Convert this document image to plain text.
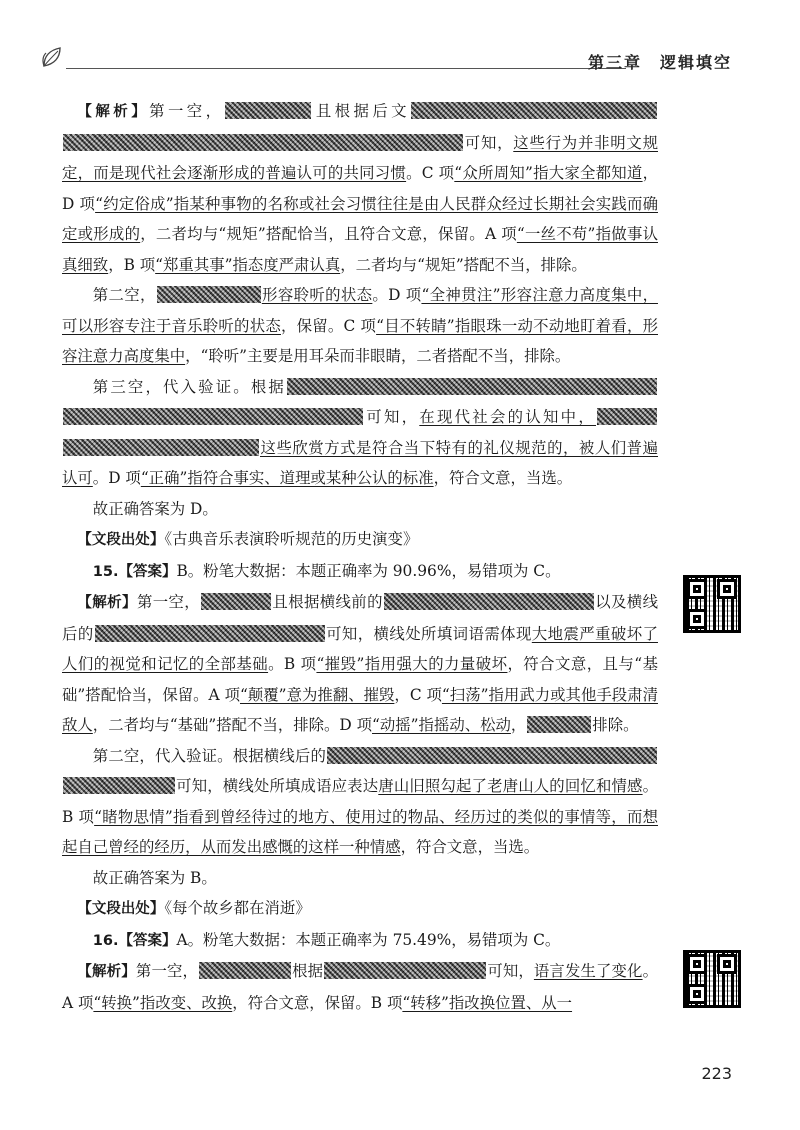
第三章　逻辑填空

【解析】第一空，	且根据后文可知，这些行为并非明文规定，而是现代社会逐渐形成的普遍认可的共同习惯。C 项“众所周知”指大家全都知道，D 项“约定俗成”指某种事物的名称或社会习惯往往是由人民群众经过长期社会实践而确定或形成的，二者均与“规矩”搭配恰当，且符合文意，保留。A 项“一丝不苟”指做事认真细致，B 项“郑重其事”指态度严肃认真，二者均与“规矩”搭配不当，排除。

第二空，	形容聆听的状态。D 项“全神贯注”形容注意力高度集中，可以形容专注于音乐聆听的状态，保留。C 项“目不转睛”指眼珠一动不动地盯着看，形容注意力高度集中，“聆听”主要是用耳朵而非眼睛，二者搭配不当，排除。

第三空，代入验证。根据可知，在现代社会的认知中，这些欣赏方式是符合当下特有的礼仪规范的，被人们普遍认可。D 项“正确”指符合事实、道理或某种公认的标准，符合文意，当选。

故正确答案为 D。

【文段出处】《古典音乐表演聆听规范的历史演变》

15.【答案】B。粉笔大数据：本题正确率为 90.96%，易错项为 C。

【解析】第一空，	且根据横线前的	以及横线后的	可知，横线处所填词语需体现大地震严重破坏了人们的视觉和记忆的全部基础。B 项“摧毁”指用强大的力量破坏，符合文意，且与“基础”搭配恰当，保留。A 项“颠覆”意为推翻、摧毁，C 项“扫荡”指用武力或其他手段肃清敌人，二者均与“基础”搭配不当，排除。D 项“动摇”指摇动、松动，	排除。

第二空，代入验证。根据横线后的可知，横线处所填成语应表达唐山旧照勾起了老唐山人的回忆和情感。B 项“睹物思情”指看到曾经待过的地方、使用过的物品、经历过的类似的事情等，而想起自己曾经的经历，从而发出感慨的这样一种情感，符合文意，当选。

故正确答案为 B。

【文段出处】《每个故乡都在消逝》

16.【答案】A。粉笔大数据：本题正确率为 75.49%，易错项为 C。

【解析】第一空，	根据	可知，语言发生了变化。A 项“转换”指改变、改换，符合文意，保留。B 项“转移”指改换位置、从一

223
